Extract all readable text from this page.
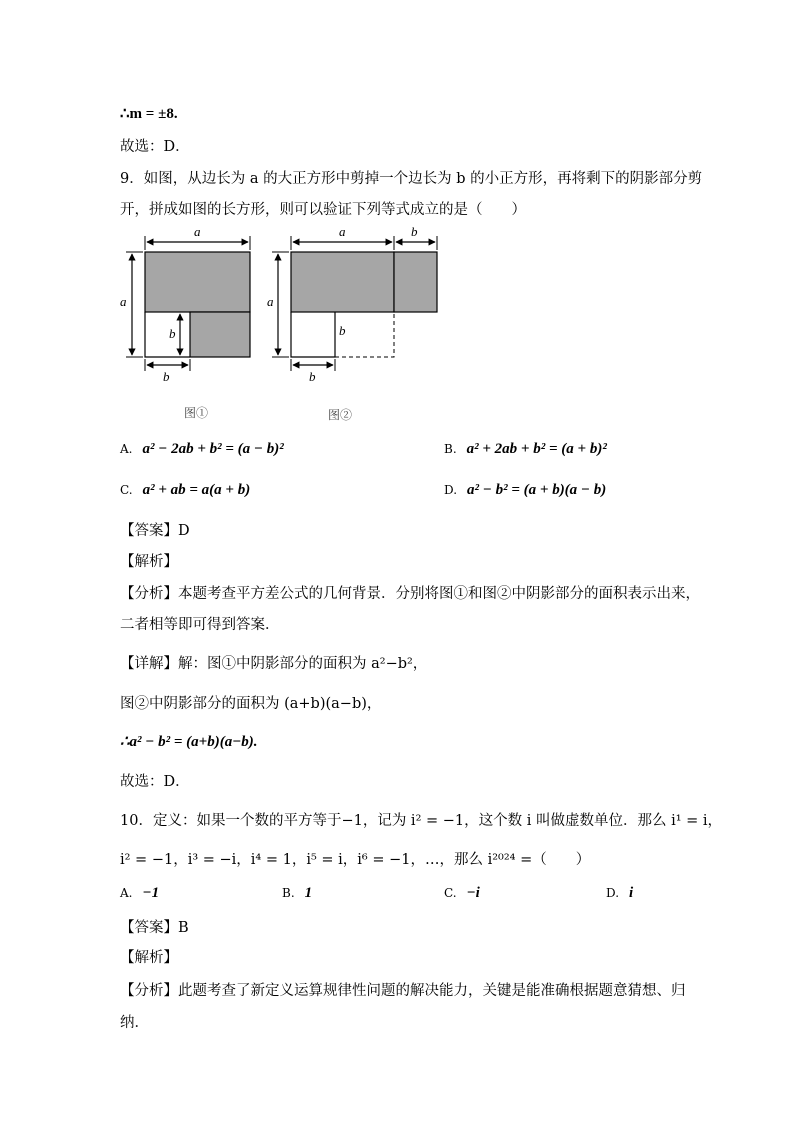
∴m = ±8.
故选：D．
9．如图，从边长为 a 的大正方形中剪掉一个边长为 b 的小正方形，再将剩下的阴影部分剪
开，拼成如图的长方形，则可以验证下列等式成立的是（　　）
a
a
b
b
a	b
a
b
b
图①	图②
A. a² − 2ab + b² = (a − b)²	B. a² + 2ab + b² = (a + b)²
C. a² + ab = a(a + b)	D. a² − b² = (a + b)(a − b)
【答案】D
【解析】
【分析】本题考查平方差公式的几何背景．分别将图①和图②中阴影部分的面积表示出来，
二者相等即可得到答案．
【详解】解：图①中阴影部分的面积为 a²−b²，
图②中阴影部分的面积为 (a+b)(a−b)，
∴a² − b² = (a+b)(a−b).
故选：D．
10．定义：如果一个数的平方等于−1，记为 i² = −1，这个数 i 叫做虚数单位．那么 i¹ = i，
i² = −1，i³ = −i，i⁴ = 1，i⁵ = i，i⁶ = −1，…，那么 i²⁰²⁴ =（　　）
A. −1	B. 1	C. −i	D. i
【答案】B
【解析】
【分析】此题考查了新定义运算规律性问题的解决能力，关键是能准确根据题意猜想、归
纳．
